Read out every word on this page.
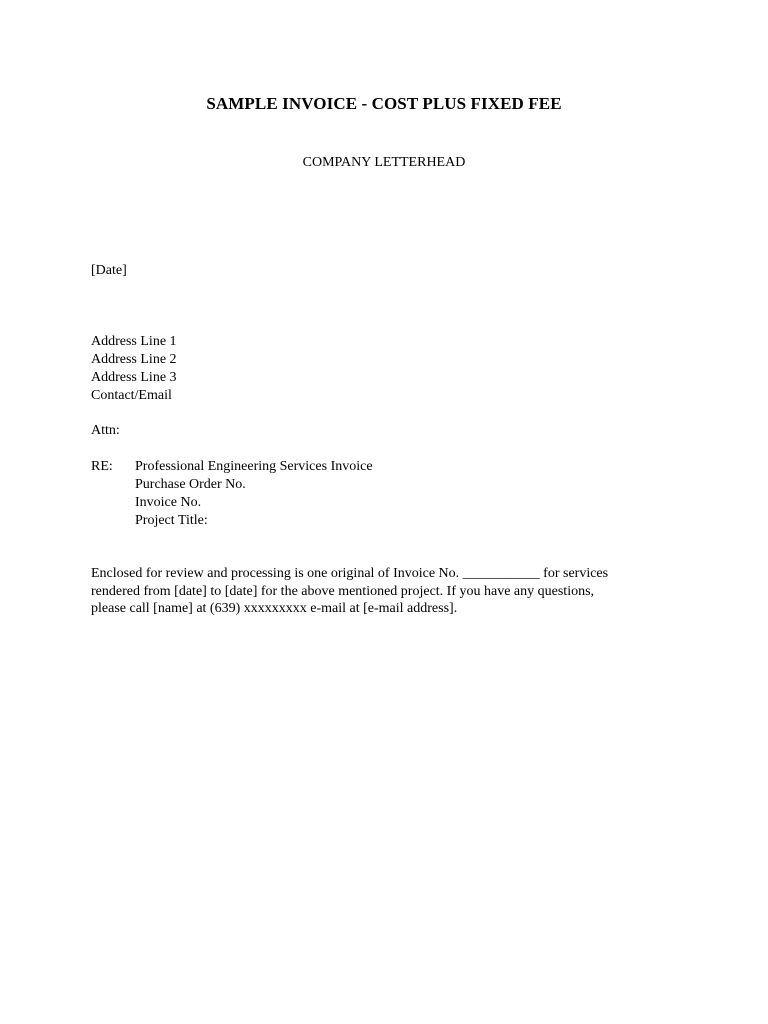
SAMPLE INVOICE - COST PLUS FIXED FEE
COMPANY LETTERHEAD
[Date]
Address Line 1
Address Line 2
Address Line 3
Contact/Email
Attn:
RE: Professional Engineering Services Invoice
Purchase Order No.
Invoice No.
Project Title:
Enclosed for review and processing is one original of Invoice No. ___________ for services
rendered from [date] to [date] for the above mentioned project. If you have any questions,
please call [name] at (639) xxxxxxxxx e-mail at [e-mail address].
